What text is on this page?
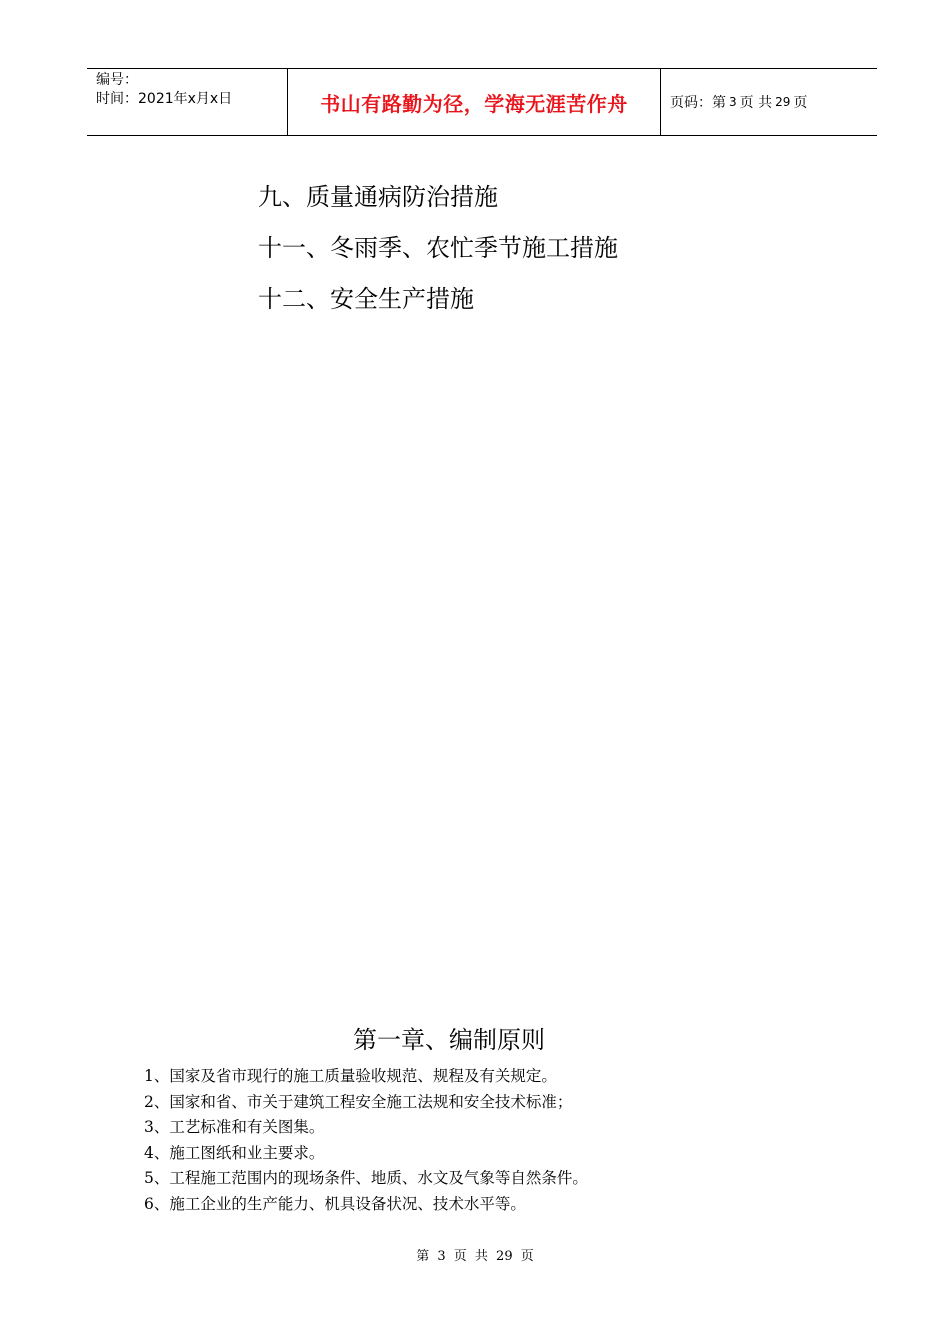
编号：
时间：2021年x月x日	书山有路勤为径，学海无涯苦作舟	页码：第 3 页 共 29 页
九、质量通病防治措施
十一、冬雨季、农忙季节施工措施
十二、安全生产措施
第一章、编制原则
1、国家及省市现行的施工质量验收规范、规程及有关规定。
2、国家和省、市关于建筑工程安全施工法规和安全技术标准；
3、工艺标准和有关图集。
4、施工图纸和业主要求。
5、工程施工范围内的现场条件、地质、水文及气象等自然条件。
6、施工企业的生产能力、机具设备状况、技术水平等。
第 3 页 共 29 页
